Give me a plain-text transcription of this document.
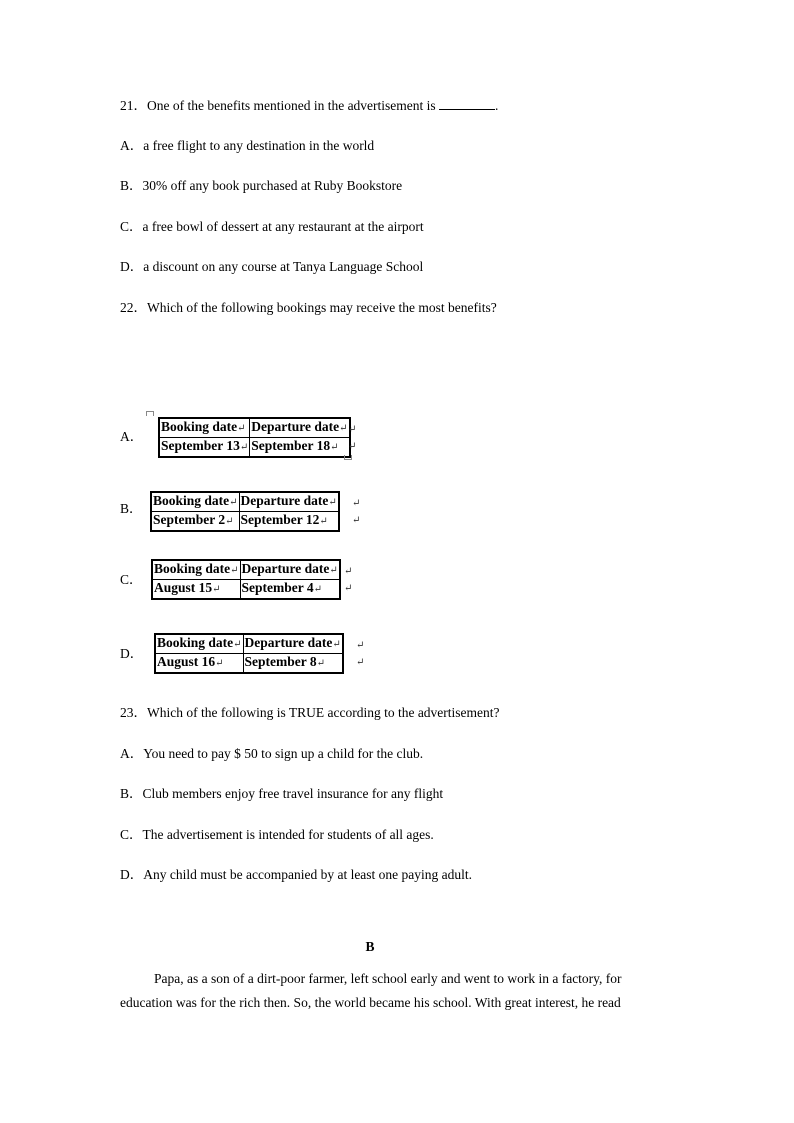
21．One of the benefits mentioned in the advertisement is	.
A．a free flight to any destination in the world
B．30% off any book purchased at Ruby Bookstore
C．a free bowl of dessert at any restaurant at the airport
D．a discount on any course at Tanya Language School
22．Which of the following bookings may receive the most benefits?
A．
Booking date↵	Departure date↵
September 13↵	September 18↵
↵
↵
B．
Booking date↵	Departure date↵
September 2↵	September 12↵
↵
↵
C．
Booking date↵	Departure date↵
August 15↵	September 4↵
↵
↵
D．
Booking date↵	Departure date↵
August 16↵	September 8↵
↵
↵
23．Which of the following is TRUE according to the advertisement?
A．You need to pay $ 50 to sign up a child for the club.
B．Club members enjoy free travel insurance for any flight
C．The advertisement is intended for students of all ages.
D．Any child must be accompanied by at least one paying adult.
B
Papa, as a son of a dirt-poor farmer, left school early and went to work in a factory, for
education was for the rich then. So, the world became his school. With great interest, he read
